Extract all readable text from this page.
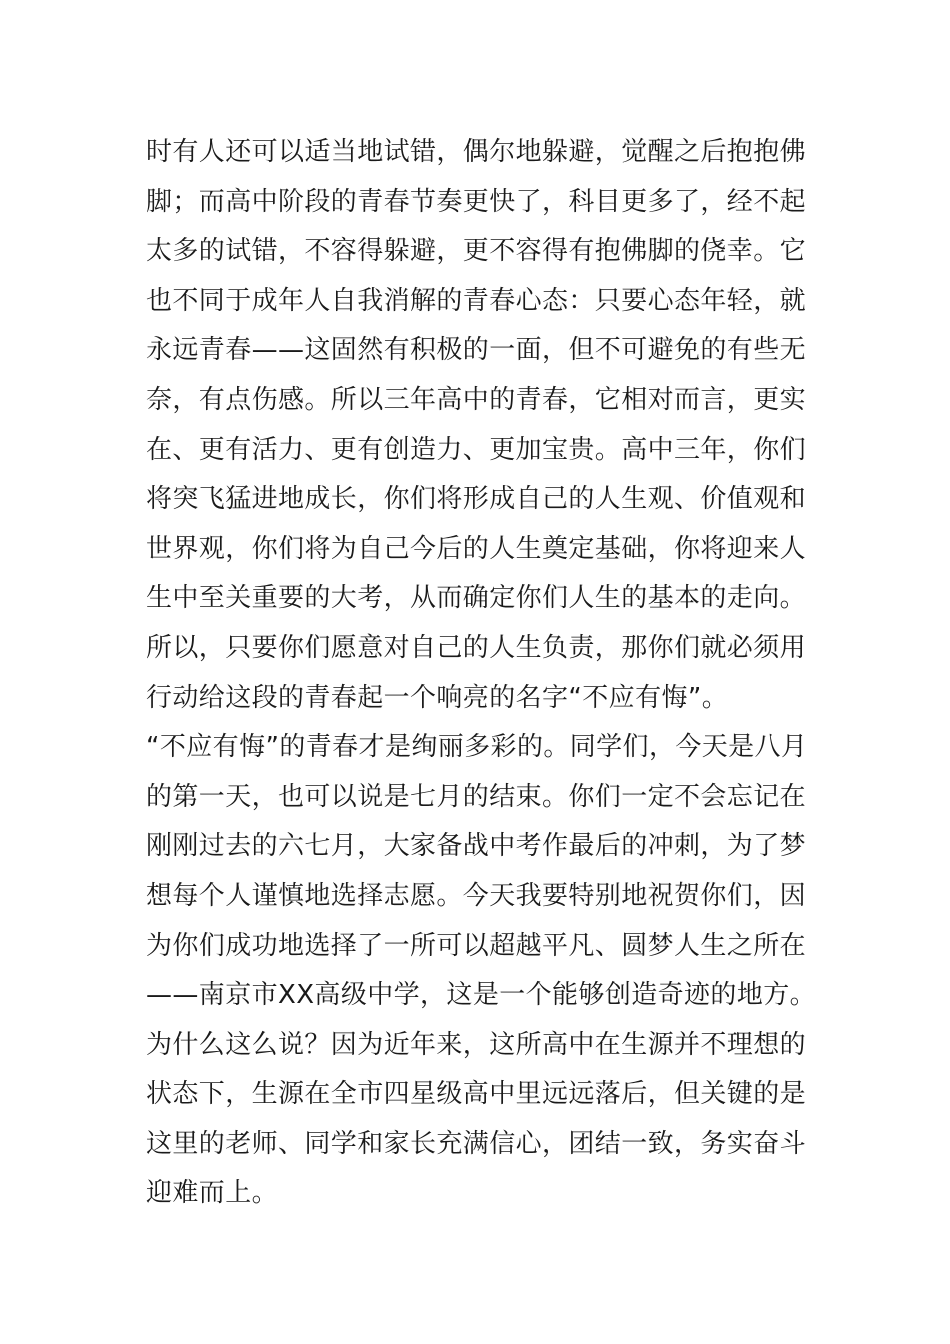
时有人还可以适当地试错，偶尔地躲避，觉醒之后抱抱佛
脚；而高中阶段的青春节奏更快了，科目更多了，经不起
太多的试错，不容得躲避，更不容得有抱佛脚的侥幸。它
也不同于成年人自我消解的青春心态：只要心态年轻，就
永远青春——这固然有积极的一面，但不可避免的有些无
奈，有点伤感。所以三年高中的青春，它相对而言，更实
在、更有活力、更有创造力、更加宝贵。高中三年，你们
将突飞猛进地成长，你们将形成自己的人生观、价值观和
世界观，你们将为自己今后的人生奠定基础，你将迎来人
生中至关重要的大考，从而确定你们人生的基本的走向。
所以，只要你们愿意对自己的人生负责，那你们就必须用
行动给这段的青春起一个响亮的名字“不应有悔”。
“不应有悔”的青春才是绚丽多彩的。同学们，今天是八月
的第一天，也可以说是七月的结束。你们一定不会忘记在
刚刚过去的六七月，大家备战中考作最后的冲刺，为了梦
想每个人谨慎地选择志愿。今天我要特别地祝贺你们，因
为你们成功地选择了一所可以超越平凡、圆梦人生之所在
——南京市XX高级中学，这是一个能够创造奇迹的地方。
为什么这么说？因为近年来，这所高中在生源并不理想的
状态下，生源在全市四星级高中里远远落后，但关键的是
这里的老师、同学和家长充满信心，团结一致，务实奋斗
迎难而上。
